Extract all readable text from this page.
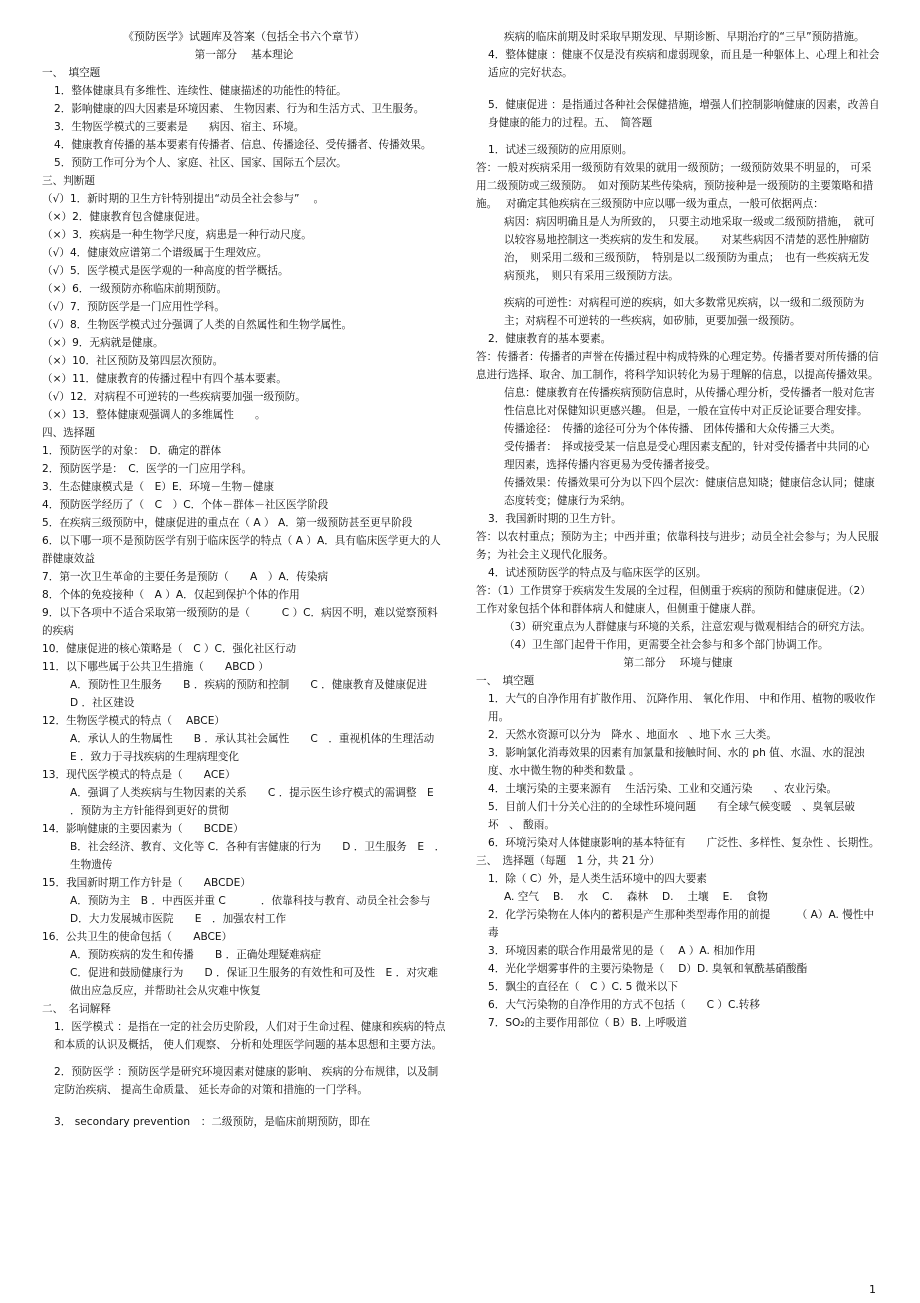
《预防医学》试题库及答案（包括全书六个章节）
第一部分　 基本理论
一、　填空题
1．整体健康具有多维性、连续性、健康描述的功能性的特征。
2．影响健康的四大因素是环境因素、 生物因素、行为和生活方式、卫生服务。
3．生物医学模式的三要素是　　病因、宿主、环境。
4．健康教育传播的基本要素有传播者、信息、传播途径、受传播者、传播效果。
5．预防工作可分为个人、家庭、社区、国家、国际五个层次。
三、判断题
（√）1．新时期的卫生方针特别提出“动员全社会参与”　 。
（×）2．健康教育包含健康促进。
（×）3．疾病是一种生物学尺度，病患是一种行动尺度。
（√）4．健康效应谱第二个谱级属于生理效应。
（√）5．医学模式是医学观的一种高度的哲学概括。
（×）6．一级预防亦称临床前期预防。
（√）7．预防医学是一门应用性学科。
（√）8．生物医学模式过分强调了人类的自然属性和生物学属性。
（×）9．无病就是健康。
（×）10．社区预防及第四层次预防。
（×）11．健康教育的传播过程中有四个基本要素。
（√）12．对病程不可逆转的一些疾病要加强一级预防。
（×）13．整体健康观强调人的多维属性　　。
四、选择题
1．预防医学的对象：　D．确定的群体
2．预防医学是：　C．医学的一门应用学科。
3．生态健康模式是（　E）E．环境－生物－健康
4．预防医学经历了（　C　）C．个体－群体－社区医学阶段
5．在疾病三级预防中，健康促进的重点在（ A ） A．第一级预防甚至更早阶段
6．以下哪一项不是预防医学有别于临床医学的特点（ A ）A．具有临床医学更大的人群健康效益
7．第一次卫生革命的主要任务是预防（　　A　）A．传染病
8．个体的免疫接种（　A ）A．仅起到保护个体的作用
9．以下各项中不适合采取第一级预防的是（　　　C ）C．病因不明，难以觉察预料的疾病
10．健康促进的核心策略是（　C ）C．强化社区行动
11．以下哪些属于公共卫生措施（　　ABCD ）
A．预防性卫生服务　　B ．疾病的预防和控制　　C ．健康教育及健康促进　　D ．社区建设
12．生物医学模式的特点（　 ABCE）
A．承认人的生物属性　　B ．承认其社会属性　　C　．重视机体的生理活动　　E ．致力于寻找疾病的生理病理变化
13．现代医学模式的特点是（　　ACE）
A．强调了人类疾病与生物因素的关系　　C ．提示医生诊疗模式的需调整　E ．预防为主方针能得到更好的贯彻
14．影响健康的主要因素为（　　BCDE）
B．社会经济、教育、文化等 C．各种有害健康的行为　　D ．卫生服务　E　．生物遗传
15．我国新时期工作方针是（　　ABCDE）
A．预防为主　B ．中西医并重 C　　　 ．依靠科技与教育、动员全社会参与
D．大力发展城市医院　　E　．加强农村工作
16．公共卫生的使命包括（　　ABCE）
A．预防疾病的发生和传播　　B ．正确处理疑难病症
C．促进和鼓励健康行为　　D ．保证卫生服务的有效性和可及性　E ．对灾难做出应急反应，并帮助社会从灾难中恢复
二、　名词解释
1．医学模式 ：是指在一定的社会历史阶段，人们对于生命过程、健康和疾病的特点和本质的认识及概括， 使人们观察、 分析和处理医学问题的基本思想和主要方法。
2．预防医学 ：预防医学是研究环境因素对健康的影响、 疾病的分布规律，以及制定防治疾病、 提高生命质量、 延长寿命的对策和措施的一门学科。
3． secondary prevention　：二级预防，是临床前期预防，即在
疾病的临床前期及时采取早期发现、早期诊断、早期治疗的“三早”预防措施。
4．整体健康 ：健康不仅是没有疾病和虚弱现象，而且是一种躯体上、心理上和社会适应的完好状态。
5．健康促进 ：是指通过各种社会保健措施，增强人们控制影响健康的因素，改善自身健康的能力的过程。五、　简答题
1．试述三级预防的应用原则。
答：一般对疾病采用一级预防有效果的就用一级预防；一级预防效果不明显的， 可采用二级预防或三级预防。　如对预防某些传染病，预防接种是一级预防的主要策略和措施。　 对确定其他疾病在三级预防中应以哪一级为重点，一般可依据两点：
病因：病因明确且是人为所致的，　只要主动地采取一级或二级预防措施，　就可以较容易地控制这一类疾病的发生和发展。　　对某些病因不清楚的恶性肿瘤防治，　则采用二级和三级预防，　特别是以二级预防为重点；　也有一些疾病无发病预兆，　则只有采用三级预防方法。
疾病的可逆性：对病程可逆的疾病，如大多数常见疾病，以一级和二级预防为主；对病程不可逆转的一些疾病，如矽肺，更要加强一级预防。
2．健康教育的基本要素。
答：传播者：传播者的声誉在传播过程中构成特殊的心理定势。传播者要对所传播的信息进行选择、取舍、加工制作，将科学知识转化为易于理解的信息，以提高传播效果。
信息：健康教育在传播疾病预防信息时，从传播心理分析，受传播者一般对危害性信息比对保健知识更感兴趣。 但是，一般在宣传中对正反论证要合理安排。
传播途径：　传播的途径可分为个体传播、 团体传播和大众传播三大类。
受传播者：　择或接受某一信息是受心理因素支配的，针对受传播者中共同的心理因素，选择传播内容更易为受传播者接受。
传播效果：传播效果可分为以下四个层次：健康信息知晓；健康信念认同；健康态度转变；健康行为采纳。
3．我国新时期的卫生方针。
答：以农村重点；预防为主；中西并重；依靠科技与进步；动员全社会参与；为人民服务；为社会主义现代化服务。
4．试述预防医学的特点及与临床医学的区别。
答：（1）工作贯穿于疾病发生发展的全过程，但侧重于疾病的预防和健康促进。（2）工作对象包括个体和群体病人和健康人，但侧重于健康人群。
（3）研究重点为人群健康与环境的关系，注意宏观与微观相结合的研究方法。　（4）卫生部门起骨干作用，更需要全社会参与和多个部门协调工作。
第二部分　 环境与健康
一、　填空题
1．大气的自净作用有扩散作用、 沉降作用、 氧化作用、 中和作用、植物的吸收作用。
2．天然水资源可以分为　降水 、地面水　、地下水 三大类。
3．影响氯化消毒效果的因素有加氯量和接触时间、水的 ph 值、水温、水的混浊度、水中微生物的种类和数量 。
4．土壤污染的主要来源有　 生活污染、工业和交通污染　　、农业污染。
5．目前人们十分关心注的的全球性环境问题　　有全球气候变暖　、臭氧层破坏　、 酸雨。
6．环境污染对人体健康影响的基本特征有　　广泛性、多样性、复杂性 、长期性。
三、　选择题（每题　1 分，共 21 分）
1．除（ C）外，是人类生活环境中的四大要素
A. 空气　 B.　 水　 C.　 森林　 D.　 土壤　 E.　 食物
2．化学污染物在人体内的蓄积是产生那种类型毒作用的前提　　　（ A）A. 慢性中毒
3．环境因素的联合作用最常见的是（　 A ）A. 相加作用
4．光化学烟雾事件的主要污染物是（　 D）D. 臭氧和氧酰基硝酸酯
5．飘尘的直径在（　C ）C. 5 微米以下
6．大气污染物的自净作用的方式不包括（　　C ）C.转移
7．SO₂的主要作用部位（ B）B. 上呼吸道
1
